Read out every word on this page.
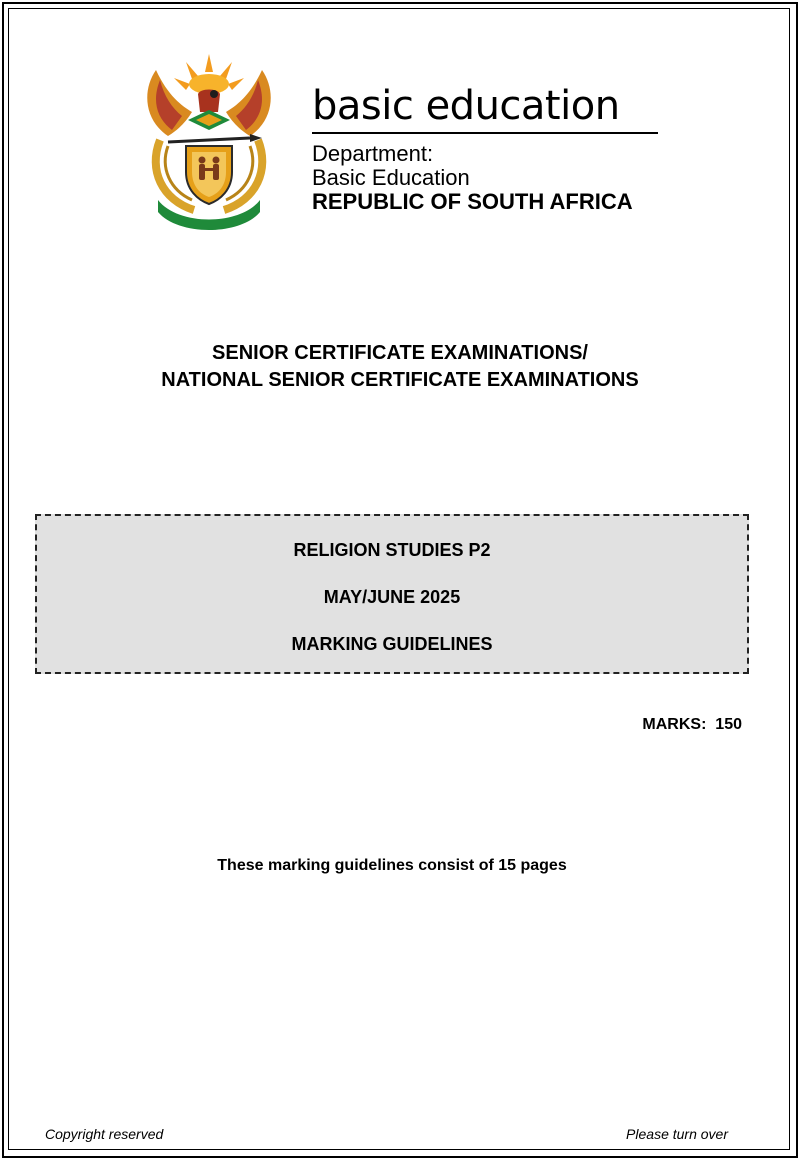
basic education
Department:
Basic Education
REPUBLIC OF SOUTH AFRICA
SENIOR CERTIFICATE EXAMINATIONS/
NATIONAL SENIOR CERTIFICATE EXAMINATIONS
RELIGION STUDIES P2
MAY/JUNE 2025
MARKING GUIDELINES
MARKS:  150
These marking guidelines consist of 15 pages
Copyright reserved	Please turn over
